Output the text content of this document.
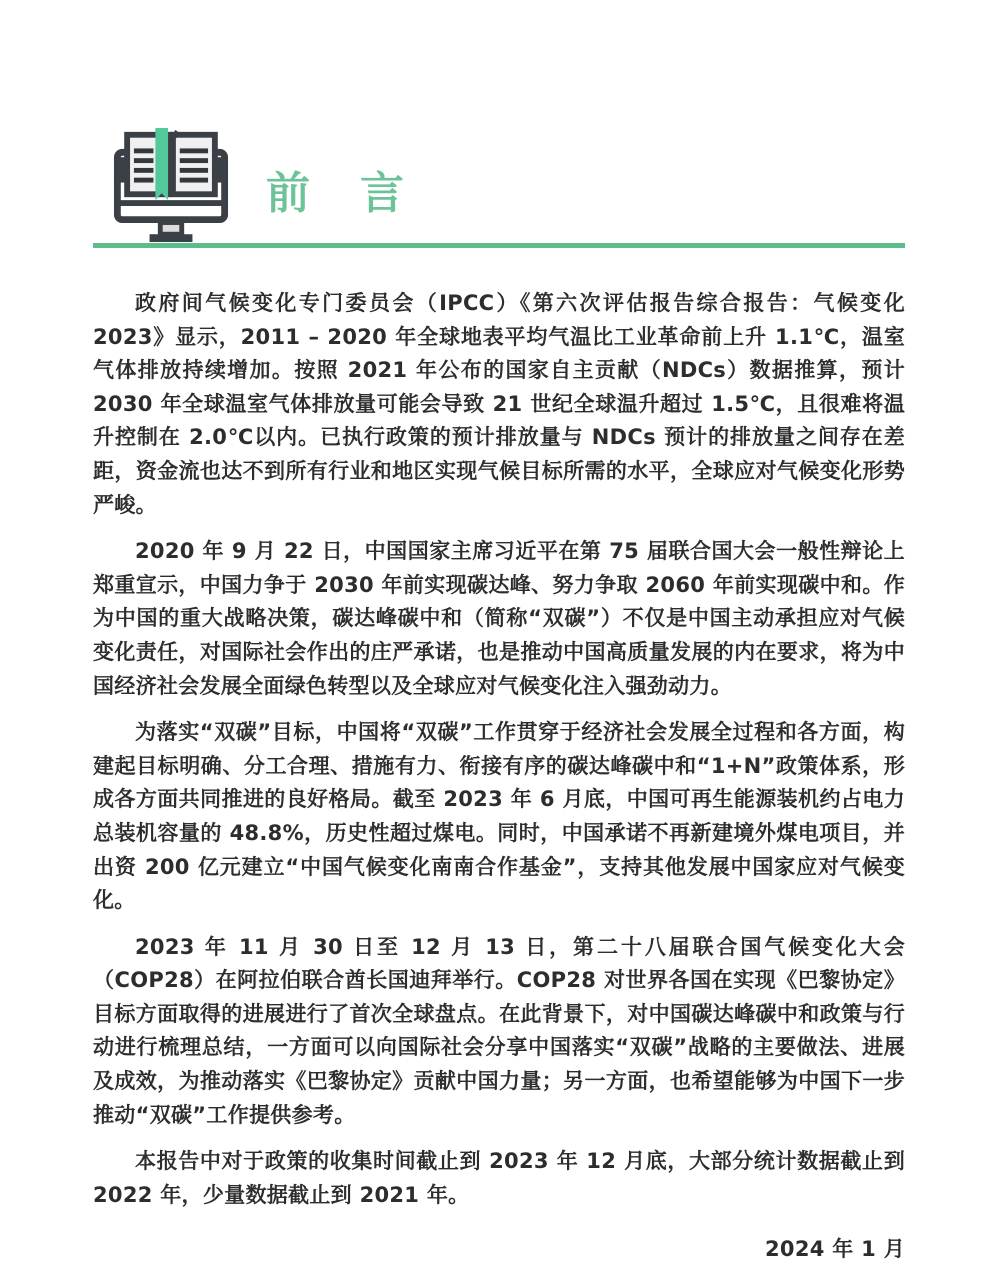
前　言

政府间气候变化专门委员会（IPCC）《第六次评估报告综合报告：气候变化 2023》显示，2011 – 2020 年全球地表平均气温比工业革命前上升 1.1℃，温室气体排放持续增加。按照 2021 年公布的国家自主贡献（NDCs）数据推算，预计 2030 年全球温室气体排放量可能会导致 21 世纪全球温升超过 1.5℃，且很难将温升控制在 2.0℃以内。已执行政策的预计排放量与 NDCs 预计的排放量之间存在差距，资金流也达不到所有行业和地区实现气候目标所需的水平，全球应对气候变化形势严峻。

2020 年 9 月 22 日，中国国家主席习近平在第 75 届联合国大会一般性辩论上郑重宣示，中国力争于 2030 年前实现碳达峰、努力争取 2060 年前实现碳中和。作为中国的重大战略决策，碳达峰碳中和（简称“双碳”）不仅是中国主动承担应对气候变化责任，对国际社会作出的庄严承诺，也是推动中国高质量发展的内在要求，将为中国经济社会发展全面绿色转型以及全球应对气候变化注入强劲动力。

为落实“双碳”目标，中国将“双碳”工作贯穿于经济社会发展全过程和各方面，构建起目标明确、分工合理、措施有力、衔接有序的碳达峰碳中和“1+N”政策体系，形成各方面共同推进的良好格局。截至 2023 年 6 月底，中国可再生能源装机约占电力总装机容量的 48.8%，历史性超过煤电。同时，中国承诺不再新建境外煤电项目，并出资 200 亿元建立“中国气候变化南南合作基金”，支持其他发展中国家应对气候变化。

2023 年 11 月 30 日至 12 月 13 日，第二十八届联合国气候变化大会（COP28）在阿拉伯联合酋长国迪拜举行。COP28 对世界各国在实现《巴黎协定》目标方面取得的进展进行了首次全球盘点。在此背景下，对中国碳达峰碳中和政策与行动进行梳理总结，一方面可以向国际社会分享中国落实“双碳”战略的主要做法、进展及成效，为推动落实《巴黎协定》贡献中国力量；另一方面，也希望能够为中国下一步推动“双碳”工作提供参考。

本报告中对于政策的收集时间截止到 2023 年 12 月底，大部分统计数据截止到 2022 年，少量数据截止到 2021 年。

2024 年 1 月
